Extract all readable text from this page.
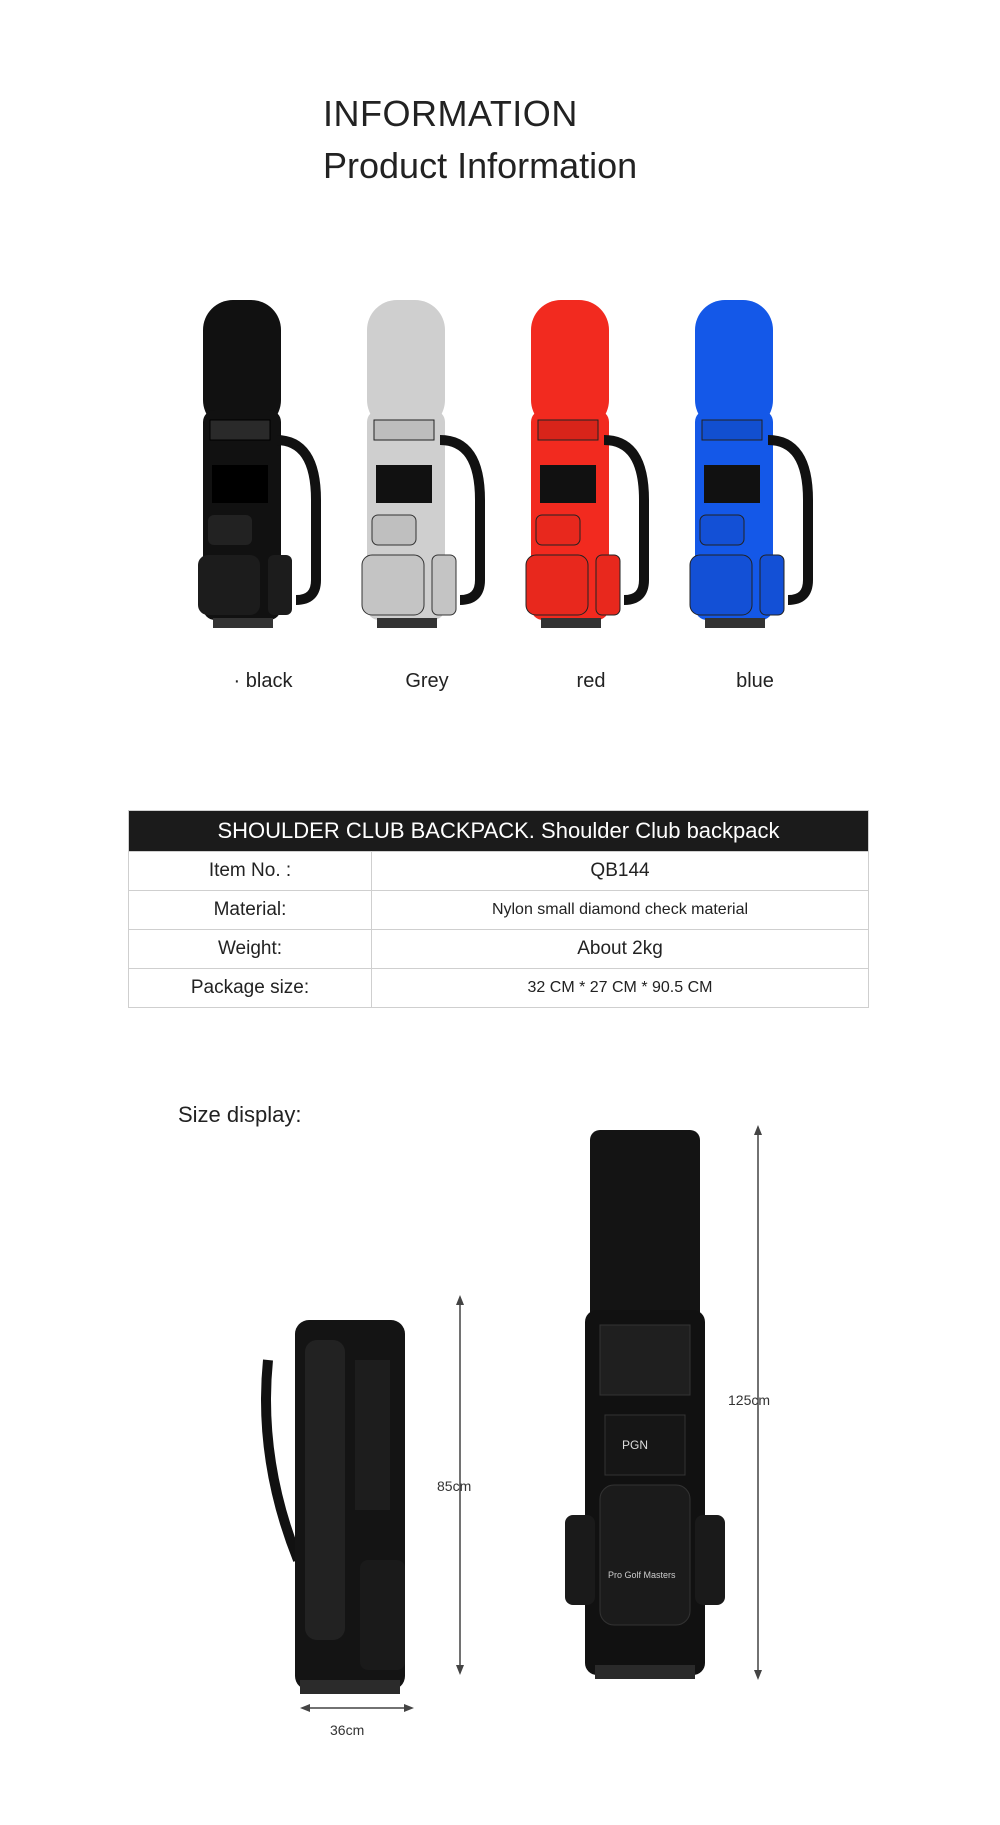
INFORMATION
Product Information
· black	Grey	red	blue
SHOULDER CLUB BACKPACK. Shoulder Club backpack	
Item No. :	QB144
Material:	Nylon small diamond check material
Weight:	About 2kg
Package size:	32 CM * 27 CM * 90.5 CM
Size display:
85cm
36cm
PGN
Pro Golf Masters
125cm
